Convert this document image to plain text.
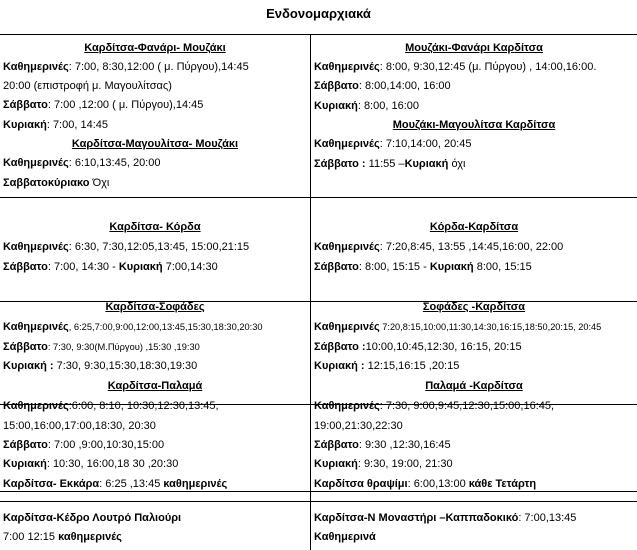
Ενδονομαρχιακά
Καρδίτσα-Φανάρι- Μουζάκι
Καθημερινές: 7:00, 8:30,12:00 ( μ. Πύργου),14:45
20:00 (επιστροφή μ. Μαγουλίτσας)
Σάββατο: 7:00 ,12:00 ( μ. Πύργου),14:45
Κυριακή: 7:00, 14:45
Καρδίτσα-Μαγουλίτσα- Μουζάκι
Καθημερινές: 6:10,13:45, 20:00
Σαββατοκύριακο Όχι
Καρδίτσα- Κόρδα
Καθημερινές: 6:30, 7:30,12:05,13:45, 15:00,21:15
Σάββατο: 7:00, 14:30 - Κυριακή 7:00,14:30
Καρδίτσα-Σοφάδες
Καθημερινές, 6:25,7:00,9:00,12:00,13:45,15:30,18:30,20:30
Σάββατο: 7:30, 9:30(Μ.Πύργου) ,15:30 ,19:30
Κυριακή : 7:30, 9:30,15:30,18:30,19:30
Καρδίτσα-Παλαμά
Καθημερινές:6:00, 8:10, 10:30,12:30,13:45,
15:00,16:00,17:00,18:30, 20:30
Σάββατο: 7:00 ,9:00,10:30,15:00
Κυριακή: 10:30, 16:00,18 30 ,20:30
Καρδίτσα- Εκκάρα: 6:25 ,13:45 καθημερινές
Καρδίτσα-Κέδρο Λουτρό Παλιούρι
7:00 12:15 καθημερινές
Μουζάκι-Φανάρι Καρδίτσα
Καθημερινές: 8:00, 9:30,12:45 (μ. Πύργου) , 14:00,16:00.
Σάββατο: 8:00,14:00, 16:00
Κυριακή: 8:00, 16:00
Μουζάκι-Μαγουλίτσα Καρδίτσα
Καθημερινές: 7:10,14:00, 20:45
Σάββατο : 11:55 –Κυριακή όχι
Κόρδα-Καρδίτσα
Καθημερινές: 7:20,8:45, 13:55 ,14:45,16:00, 22:00
Σάββατο: 8:00, 15:15 - Κυριακή 8:00, 15:15
Σοφάδες -Καρδίτσα
Καθημερινές 7:20,8:15,10:00,11:30,14:30,16:15,18:50,20:15, 20:45
Σάββατο :10:00,10:45,12:30, 16:15, 20:15
Κυριακή : 12:15,16:15 ,20:15
Παλαμά -Καρδίτσα
Καθημερινές: 7:30, 9:00,9:45,12:30,15:00,16:45,
19:00,21:30,22:30
Σάββατο: 9:30 ,12:30,16:45
Κυριακή: 9:30, 19:00, 21:30
Καρδίτσα θραψίμι: 6:00,13:00 κάθε Τετάρτη
Καρδίτσα-Ν Μοναστήρι –Καππαδοκικό: 7:00,13:45
Καθημερινά
